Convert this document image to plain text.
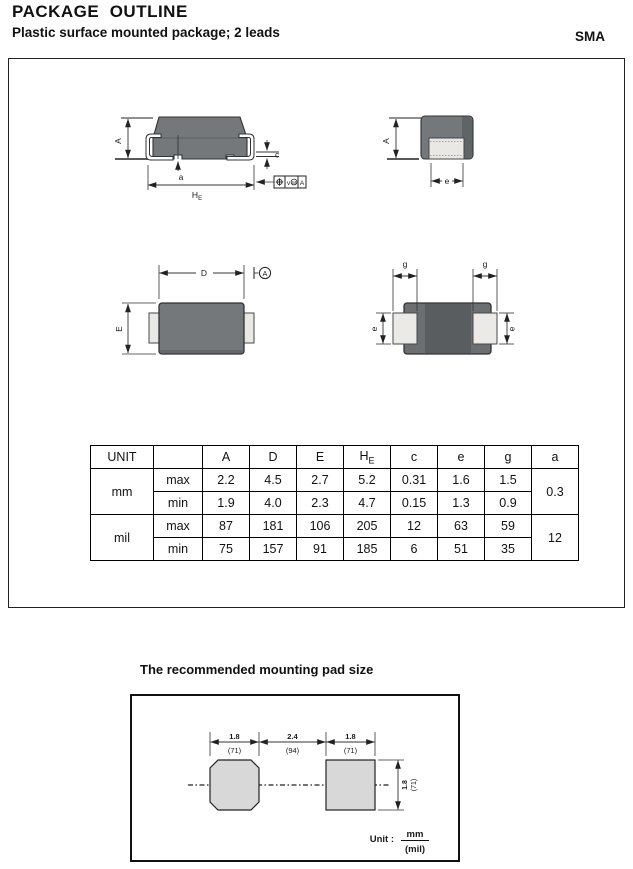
PACKAGE  OUTLINE
Plastic surface mounted package; 2 leads	SMA
A
a
$H_E$
c
v M A
A
e
D	A
E
g	g
e	e
UNIT		A	D	E	$H_E$	c	e	g	a
mm	max	2.2	4.5	2.7	5.2	0.31	1.6	1.5	0.3
	min	1.9	4.0	2.3	4.7	0.15	1.3	0.9	
mil	max	87	181	106	205	12	63	59	12
	min	75	157	91	185	6	51	35	
The recommended mounting pad size
1.8
(71)
2.4
(94)
1.8
(71)
1.8 (71)
Unit : mm
(mil)
